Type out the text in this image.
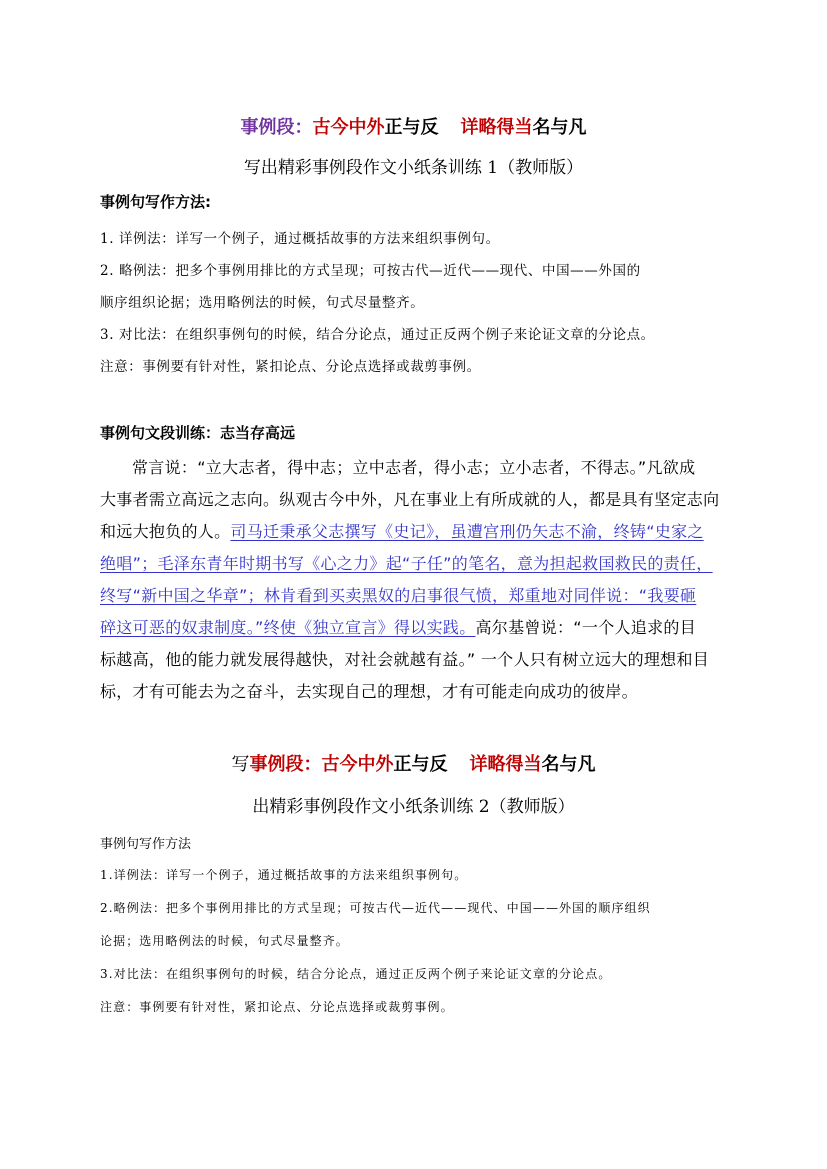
事例段：古今中外正与反 详略得当名与凡
写出精彩事例段作文小纸条训练 1（教师版）
事例句写作方法:
1. 详例法：详写一个例子，通过概括故事的方法来组织事例句。
2. 略例法：把多个事例用排比的方式呈现；可按古代—近代——现代、中国——外国的
顺序组织论据；选用略例法的时候，句式尽量整齐。
3. 对比法：在组织事例句的时候，结合分论点，通过正反两个例子来论证文章的分论点。
注意：事例要有针对性，紧扣论点、分论点选择或裁剪事例。
事例句文段训练：志当存高远
常言说：“立大志者，得中志；立中志者，得小志；立小志者，不得志。”凡欲成
大事者需立高远之志向。纵观古今中外，凡在事业上有所成就的人，都是具有坚定志向
和远大抱负的人。司马迁秉承父志撰写《史记》，虽遭宫刑仍矢志不渝，终铸“史家之
绝唱”；毛泽东青年时期书写《心之力》起“子任”的笔名，意为担起救国救民的责任，
终写“新中国之华章”；林肯看到买卖黑奴的启事很气愤，郑重地对同伴说：“我要砸
碎这可恶的奴隶制度。”终使《独立宣言》得以实践。高尔基曾说：“一个人追求的目
标越高，他的能力就发展得越快，对社会就越有益。” 一个人只有树立远大的理想和目
标，才有可能去为之奋斗，去实现自己的理想，才有可能走向成功的彼岸。
写事例段：古今中外正与反 详略得当名与凡
出精彩事例段作文小纸条训练 2（教师版）
事例句写作方法
1.详例法：详写一个例子，通过概括故事的方法来组织事例句。
2.略例法：把多个事例用排比的方式呈现；可按古代—近代——现代、中国——外国的顺序组织
论据；选用略例法的时候，句式尽量整齐。
3.对比法：在组织事例句的时候，结合分论点，通过正反两个例子来论证文章的分论点。
注意：事例要有针对性，紧扣论点、分论点选择或裁剪事例。
